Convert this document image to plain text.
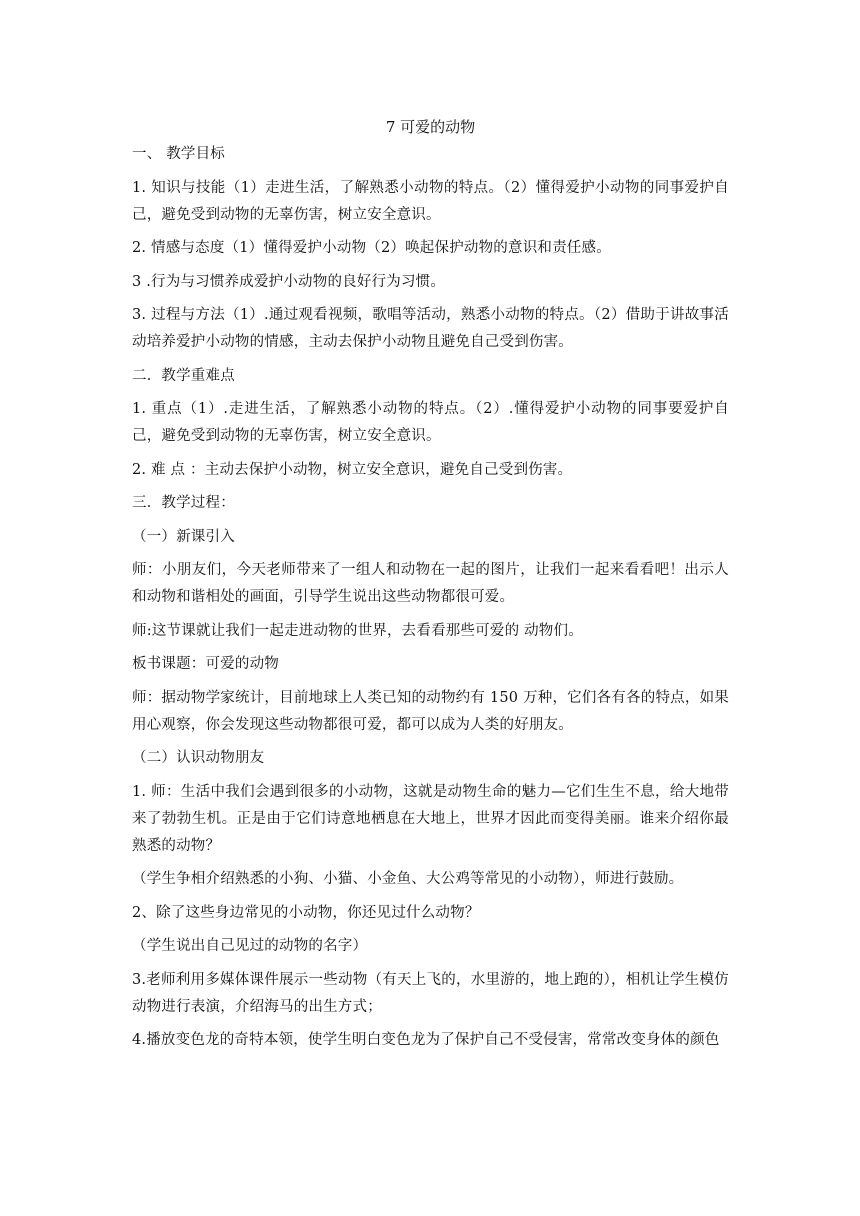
7 可爱的动物

一、 教学目标

1. 知识与技能（1）走进生活，了解熟悉小动物的特点。（2）懂得爱护小动物的同事爱护自己，避免受到动物的无辜伤害，树立安全意识。

2. 情感与态度（1）懂得爱护小动物（2）唤起保护动物的意识和责任感。

3 .行为与习惯养成爱护小动物的良好行为习惯。

3. 过程与方法（1）.通过观看视频，歌唱等活动，熟悉小动物的特点。（2）借助于讲故事活动培养爱护小动物的情感，主动去保护小动物且避免自己受到伤害。

二．教学重难点

1. 重点（1）.走进生活，了解熟悉小动物的特点。（2）.懂得爱护小动物的同事要爱护自己，避免受到动物的无辜伤害，树立安全意识。

2. 难 点 ：主动去保护小动物，树立安全意识，避免自己受到伤害。

三．教学过程：

（一）新课引入

师：小朋友们，今天老师带来了一组人和动物在一起的图片，让我们一起来看看吧！出示人和动物和谐相处的画面，引导学生说出这些动物都很可爱。

师:这节课就让我们一起走进动物的世界，去看看那些可爱的 动物们。

板书课题：可爱的动物

师：据动物学家统计，目前地球上人类已知的动物约有 150 万种，它们各有各的特点，如果用心观察，你会发现这些动物都很可爱，都可以成为人类的好朋友。

（二）认识动物朋友

1. 师：生活中我们会遇到很多的小动物，这就是动物生命的魅力—它们生生不息，给大地带来了勃勃生机。正是由于它们诗意地栖息在大地上，世界才因此而变得美丽。谁来介绍你最熟悉的动物？

（学生争相介绍熟悉的小狗、小猫、小金鱼、大公鸡等常见的小动物），师进行鼓励。

2、除了这些身边常见的小动物，你还见过什么动物？

（学生说出自己见过的动物的名字）

3.老师利用多媒体课件展示一些动物（有天上飞的，水里游的，地上跑的），相机让学生模仿动物进行表演，介绍海马的出生方式；

4.播放变色龙的奇特本领，使学生明白变色龙为了保护自己不受侵害，常常改变身体的颜色
